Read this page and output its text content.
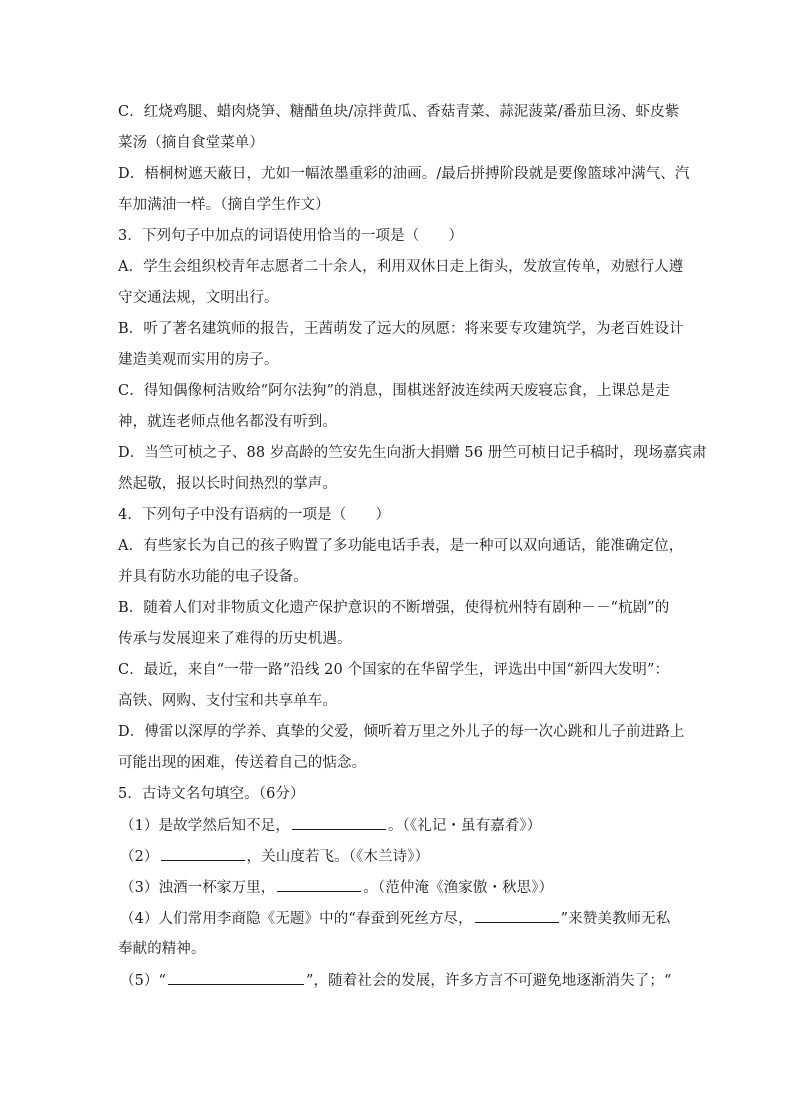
C．红烧鸡腿、蜡肉烧笋、糖醋鱼块/凉拌黄瓜、香菇青菜、蒜泥菠菜/番茄旦汤、虾皮紫
菜汤（摘自食堂菜单）
D．梧桐树遮天蔽日，尤如一幅浓墨重彩的油画。/最后拼搏阶段就是要像篮球冲满气、汽
车加满油一样。（摘自学生作文）
3．下列句子中加点的词语使用恰当的一项是（　　）
A．学生会组织校青年志愿者二十余人，利用双休日走上街头，发放宣传单，劝慰行人遵
守交通法规，文明出行。
B．听了著名建筑师的报告，王茜萌发了远大的夙愿：将来要专攻建筑学，为老百姓设计
建造美观而实用的房子。
C．得知偶像柯洁败给“阿尔法狗”的消息，围棋迷舒波连续两天废寝忘食，上课总是走
神，就连老师点他名都没有听到。
D．当竺可桢之子、88 岁高龄的竺安先生向浙大捐赠 56 册竺可桢日记手稿时，现场嘉宾肃
然起敬，报以长时间热烈的掌声。
4．下列句子中没有语病的一项是（　　）
A．有些家长为自己的孩子购置了多功能电话手表，是一种可以双向通话，能准确定位，
并具有防水功能的电子设备。
B．随着人们对非物质文化遗产保护意识的不断增强，使得杭州特有剧种－－“杭剧”的
传承与发展迎来了难得的历史机遇。
C．最近，来自“一带一路”沿线 20 个国家的在华留学生，评选出中国“新四大发明”：
高铁、网购、支付宝和共享单车。
D．傅雷以深厚的学养、真挚的父爱，倾听着万里之外儿子的每一次心跳和儿子前进路上
可能出现的困难，传送着自己的惦念。
5．古诗文名句填空。（6分）
（1）是故学然后知不足，	。（《礼记・虽有嘉肴》）
（2）	，关山度若飞。（《木兰诗》）
（3）浊酒一杯家万里，	。（范仲淹《渔家傲・秋思》）
（4）人们常用李商隐《无题》中的“春蚕到死丝方尽，	”来赞美教师无私
奉献的精神。
（5）“	”，随着社会的发展，许多方言不可避免地逐渐消失了；“
